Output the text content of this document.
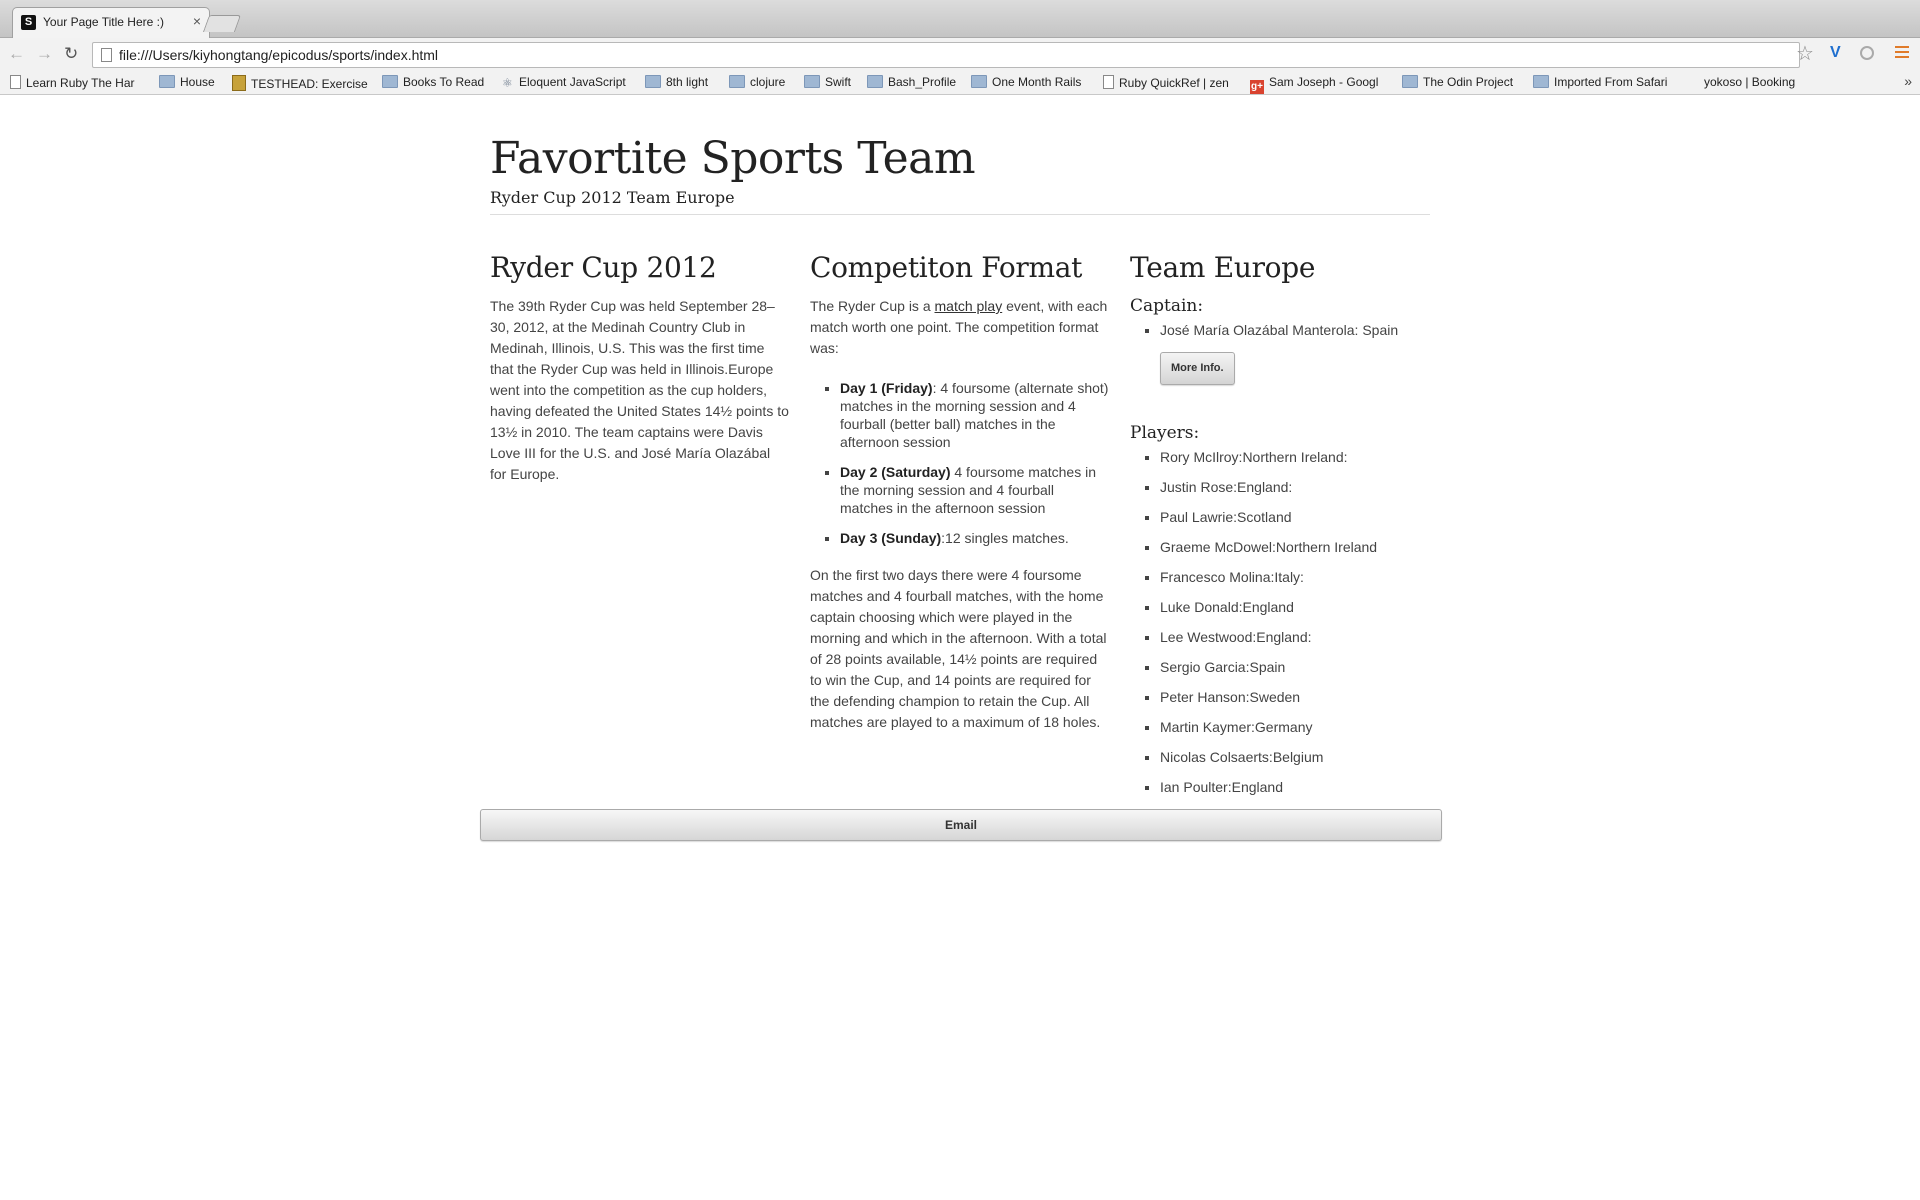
S Your Page Title Here :) ×
← → ↻	file:///Users/kiyhongtang/epicodus/sports/index.html	☆ V
Learn Ruby The Har	House	TESTHEAD: Exercise	Books To Read ⚛ Eloquent JavaScript	8th light	clojure	Swift	Bash_Profile	One Month Rails	Ruby QuickRef | zen g+ Sam Joseph - Googl	The Odin Project	Imported From Safari	yokoso | Booking	»
Favortite Sports Team
Ryder Cup 2012 Team Europe
Ryder Cup 2012

The 39th Ryder Cup was held September 28–30, 2012, at the Medinah Country Club in Medinah, Illinois, U.S. This was the first time that the Ryder Cup was held in Illinois.Europe went into the competition as the cup holders, having defeated the United States 14½ points to 13½ in 2010. The team captains were Davis Love III for the U.S. and José María Olazábal for Europe.

Competiton Format

The Ryder Cup is a match play event, with each match worth one point. The competition format was:

▪ Day 1 (Friday): 4 foursome (alternate shot) matches in the morning session and 4 fourball (better ball) matches in the afternoon session
▪ Day 2 (Saturday) 4 foursome matches in the morning session and 4 fourball matches in the afternoon session
▪ Day 3 (Sunday):12 singles matches.

On the first two days there were 4 foursome matches and 4 fourball matches, with the home captain choosing which were played in the morning and which in the afternoon. With a total of 28 points available, 14½ points are required to win the Cup, and 14 points are required for the defending champion to retain the Cup. All matches are played to a maximum of 18 holes.

Team Europe
Captain:
▪ José María Olazábal Manterola: Spain
More Info.
Players:
▪ Rory McIlroy:Northern Ireland:
▪ Justin Rose:England:
▪ Paul Lawrie:Scotland
▪ Graeme McDowel:Northern Ireland
▪ Francesco Molina:Italy:
▪ Luke Donald:England
▪ Lee Westwood:England:
▪ Sergio Garcia:Spain
▪ Peter Hanson:Sweden
▪ Martin Kaymer:Germany
▪ Nicolas Colsaerts:Belgium
▪ Ian Poulter:England
Email
